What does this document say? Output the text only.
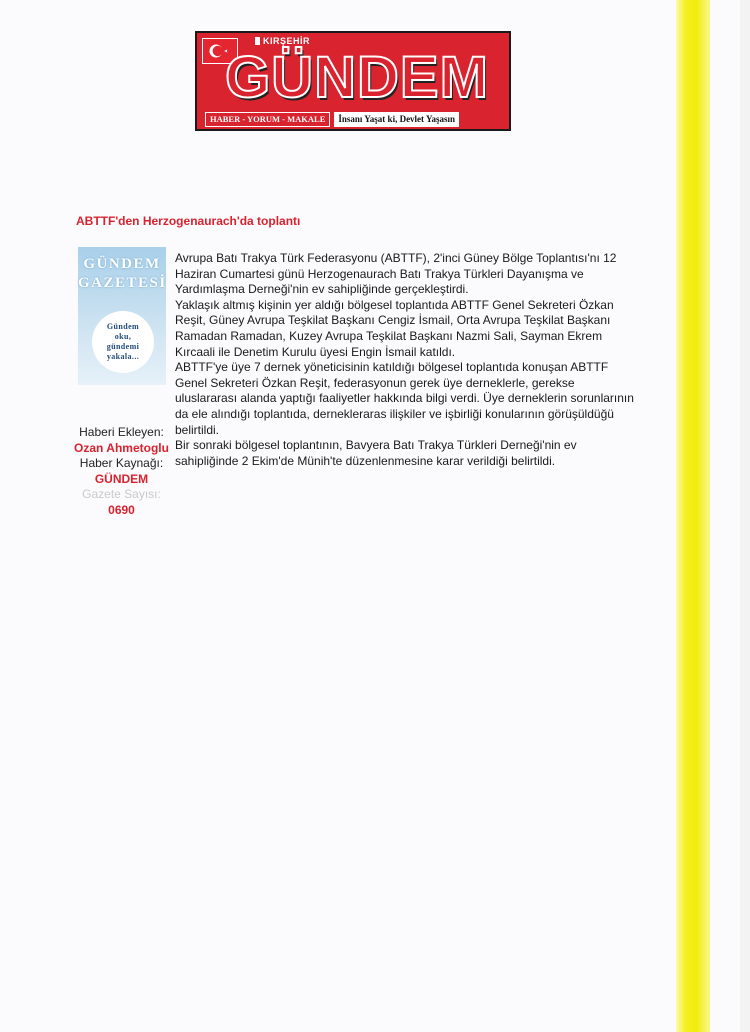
KIRŞEHİR
GÜNDEM
HABER - YORUM - MAKALE	İnsanı Yaşat ki, Devlet Yaşasın
ABTTF'den Herzogenaurach'da toplantı
GÜNDEM
GAZETESİ
Gündem oku, gündemi yakala...
Haberi Ekleyen:
Ozan Ahmetoglu
Haber Kaynağı:
GÜNDEM
Gazete Sayısı:
0690

Avrupa Batı Trakya Türk Federasyonu (ABTTF), 2'inci Güney Bölge Toplantısı'nı 12 Haziran Cumartesi günü Herzogenaurach Batı Trakya Türkleri Dayanışma ve Yardımlaşma Derneği'nin ev sahipliğinde gerçekleştirdi.

Yaklaşık altmış kişinin yer aldığı bölgesel toplantıda ABTTF Genel Sekreteri Özkan Reşit, Güney Avrupa Teşkilat Başkanı Cengiz İsmail, Orta Avrupa Teşkilat Başkanı Ramadan Ramadan, Kuzey Avrupa Teşkilat Başkanı Nazmi Sali, Sayman Ekrem Kırcaali ile Denetim Kurulu üyesi Engin İsmail katıldı.

ABTTF'ye üye 7 dernek yöneticisinin katıldığı bölgesel toplantıda konuşan ABTTF Genel Sekreteri Özkan Reşit, federasyonun gerek üye derneklerle, gerekse uluslararası alanda yaptığı faaliyetler hakkında bilgi verdi. Üye derneklerin sorunlarının da ele alındığı toplantıda, dernekleraras ilişkiler ve işbirliği konularının görüşüldüğü belirtildi.

Bir sonraki bölgesel toplantının, Bavyera Batı Trakya Türkleri Derneği'nin ev sahipliğinde 2 Ekim'de Münih'te düzenlenmesine karar verildiği belirtildi.
